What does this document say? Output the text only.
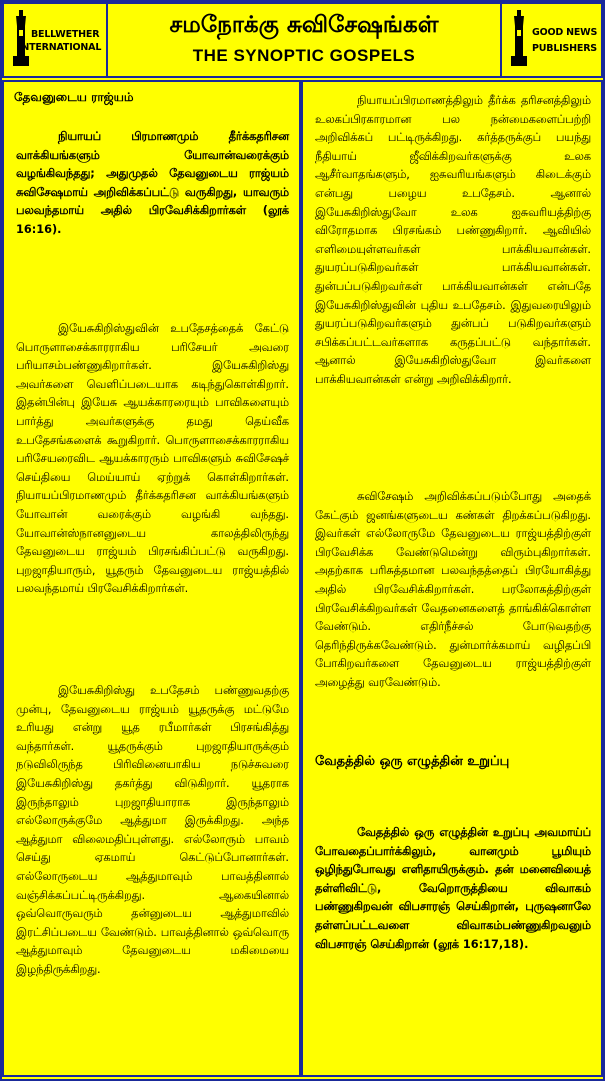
BELLWETHER
INTERNATIONAL
சமநோக்கு சுவிசேஷங்கள்
THE SYNOPTIC GOSPELS
GOOD NEWS
PUBLISHERS
தேவனுடைய ராஜ்யம்

நியாயப் பிரமாணமும் தீர்க்கதரிசன வாக்கியங்களும் யோவான்வரைக்கும் வழங்கிவந்தது; அதுமுதல் தேவனுடைய ராஜ்யம் சுவிசேஷமாய் அறிவிக்கப்பட்டு வருகிறது, யாவரும் பலவந்தமாய் அதில் பிரவேசிக்கிறார்கள் (லூக் 16:16).

இயேசுகிறிஸ்துவின் உபதேசத்தைக் கேட்டு பொருளாசைக்காரராகிய பரிசேயர் அவரை பரியாசம்பண்ணுகிறார்கள். இயேசுகிறிஸ்து அவர்களை வெளிப்படையாக கடிந்துகொள்கிறார். இதன்பின்பு இயேசு ஆயக்காரரையும் பாவிகளையும் பார்த்து அவர்களுக்கு தமது தெய்வீக உபதேசங்களைக் கூறுகிறார். பொருளாசைக்காரராகிய பரிசேயரைவிட ஆயக்காரரும் பாவிகளும் சுவிசேஷச் செய்தியை மெய்யாய் ஏற்றுக் கொள்கிறார்கள். நியாயப்பிரமாணமும் தீர்க்கதரிசன வாக்கியங்களும் யோவான் வரைக்கும் வழங்கி வந்தது. யோவான்ஸ்நானனுடைய காலத்திலிருந்து தேவனுடைய ராஜ்யம் பிரசங்கிப்பட்டு வருகிறது. புறஜாதியாரும், யூதரும் தேவனுடைய ராஜ்யத்தில் பலவந்தமாய் பிரவேசிக்கிறார்கள்.

இயேசுகிறிஸ்து உபதேசம் பண்ணுவதற்கு முன்பு, தேவனுடைய ராஜ்யம் யூதருக்கு மட்டுமே உரியது என்று யூத ரபீமார்கள் பிரசங்கித்து வந்தார்கள். யூதருக்கும் புறஜாதியாருக்கும் நடுவிலிருந்த பிரிவினையாகிய நடுச்சுவரை இயேசுகிறிஸ்து தகர்த்து விடுகிறார். யூதராக இருந்தாலும் புறஜாதியாராக இருந்தாலும் எல்லோருக்குமே ஆத்துமா இருக்கிறது. அந்த ஆத்துமா விலைமதிப்புள்ளது. எல்லோரும் பாவம் செய்து ஏகமாய் கெட்டுப்போனார்கள். எல்லோருடைய ஆத்துமாவும் பாவத்தினால் வஞ்சிக்கப்பட்டிருக்கிறது. ஆகையினால் ஒவ்வொருவரும் தன்னுடைய ஆத்துமாவில் இரட்சிப்படைய வேண்டும். பாவத்தினால் ஒவ்வொரு ஆத்துமாவும் தேவனுடைய மகிமையை இழந்திருக்கிறது.

நியாயப்பிரமாணத்திலும் தீர்க்க தரிசனத்திலும் உலகப்பிரகாரமான பல நன்மைகளைப்பற்றி அறிவிக்கப் பட்டிருக்கிறது. கர்த்தருக்குப் பயந்து நீதியாய் ஜீவிக்கிறவர்களுக்கு உலக ஆசீர்வாதங்களும், ஐசுவரியங்களும் கிடைக்கும் என்பது பழைய உபதேசம். ஆனால் இயேசுகிறிஸ்துவோ உலக ஐசுவரியத்திற்கு விரோதமாக பிரசங்கம் பண்ணுகிறார். ஆவியில் எளிமையுள்ளவர்கள் பாக்கியவான்கள். துயரப்படுகிறவர்கள் பாக்கியவான்கள். துன்பப்படுகிறவர்கள் பாக்கியவான்கள் என்பதே இயேசுகிறிஸ்துவின் புதிய உபதேசம். இதுவரையிலும் துயரப்படுகிறவர்களும் துன்பப் படுகிறவர்களும் சபிக்கப்பட்டவர்களாக கருதப்பட்டு வந்தார்கள். ஆனால் இயேசுகிறிஸ்துவோ இவர்களை பாக்கியவான்கள் என்று அறிவிக்கிறார்.

சுவிசேஷம் அறிவிக்கப்படும்போது அதைக் கேட்கும் ஜனங்களுடைய கண்கள் திறக்கப்படுகிறது. இவர்கள் எல்லோருமே தேவனுடைய ராஜ்யத்திற்குள் பிரவேசிக்க வேண்டுமென்று விரும்புகிறார்கள். அதற்காக பரிசுத்தமான பலவந்தத்தைப் பிரயோகித்து அதில் பிரவேசிக்கிறார்கள். பரலோகத்திற்குள் பிரவேசிக்கிறவர்கள் வேதனைகளைத் தாங்கிக்கொள்ள வேண்டும். எதிர்நீச்சல் போடுவதற்கு தெரிந்திருக்கவேண்டும். துன்மார்க்கமாய் வழிதப்பி போகிறவர்களை தேவனுடைய ராஜ்யத்திற்குள் அழைத்து வரவேண்டும்.

வேதத்தில் ஒரு எழுத்தின் உறுப்பு

வேதத்தில் ஒரு எழுத்தின் உறுப்பு அவமாய்ப் போவதைப்பார்க்கிலும், வானமும் பூமியும் ஒழிந்துபோவது எளிதாயிருக்கும். தன் மனைவியைத் தள்ளிவிட்டு, வேறொருத்தியை விவாகம் பண்ணுகிறவன் விபசாரஞ் செய்கிறான், புருஷனாலே தள்ளப்பட்டவளை விவாகம்பண்ணுகிறவனும் விபசாரஞ் செய்கிறான் (லூக் 16:17,18).
